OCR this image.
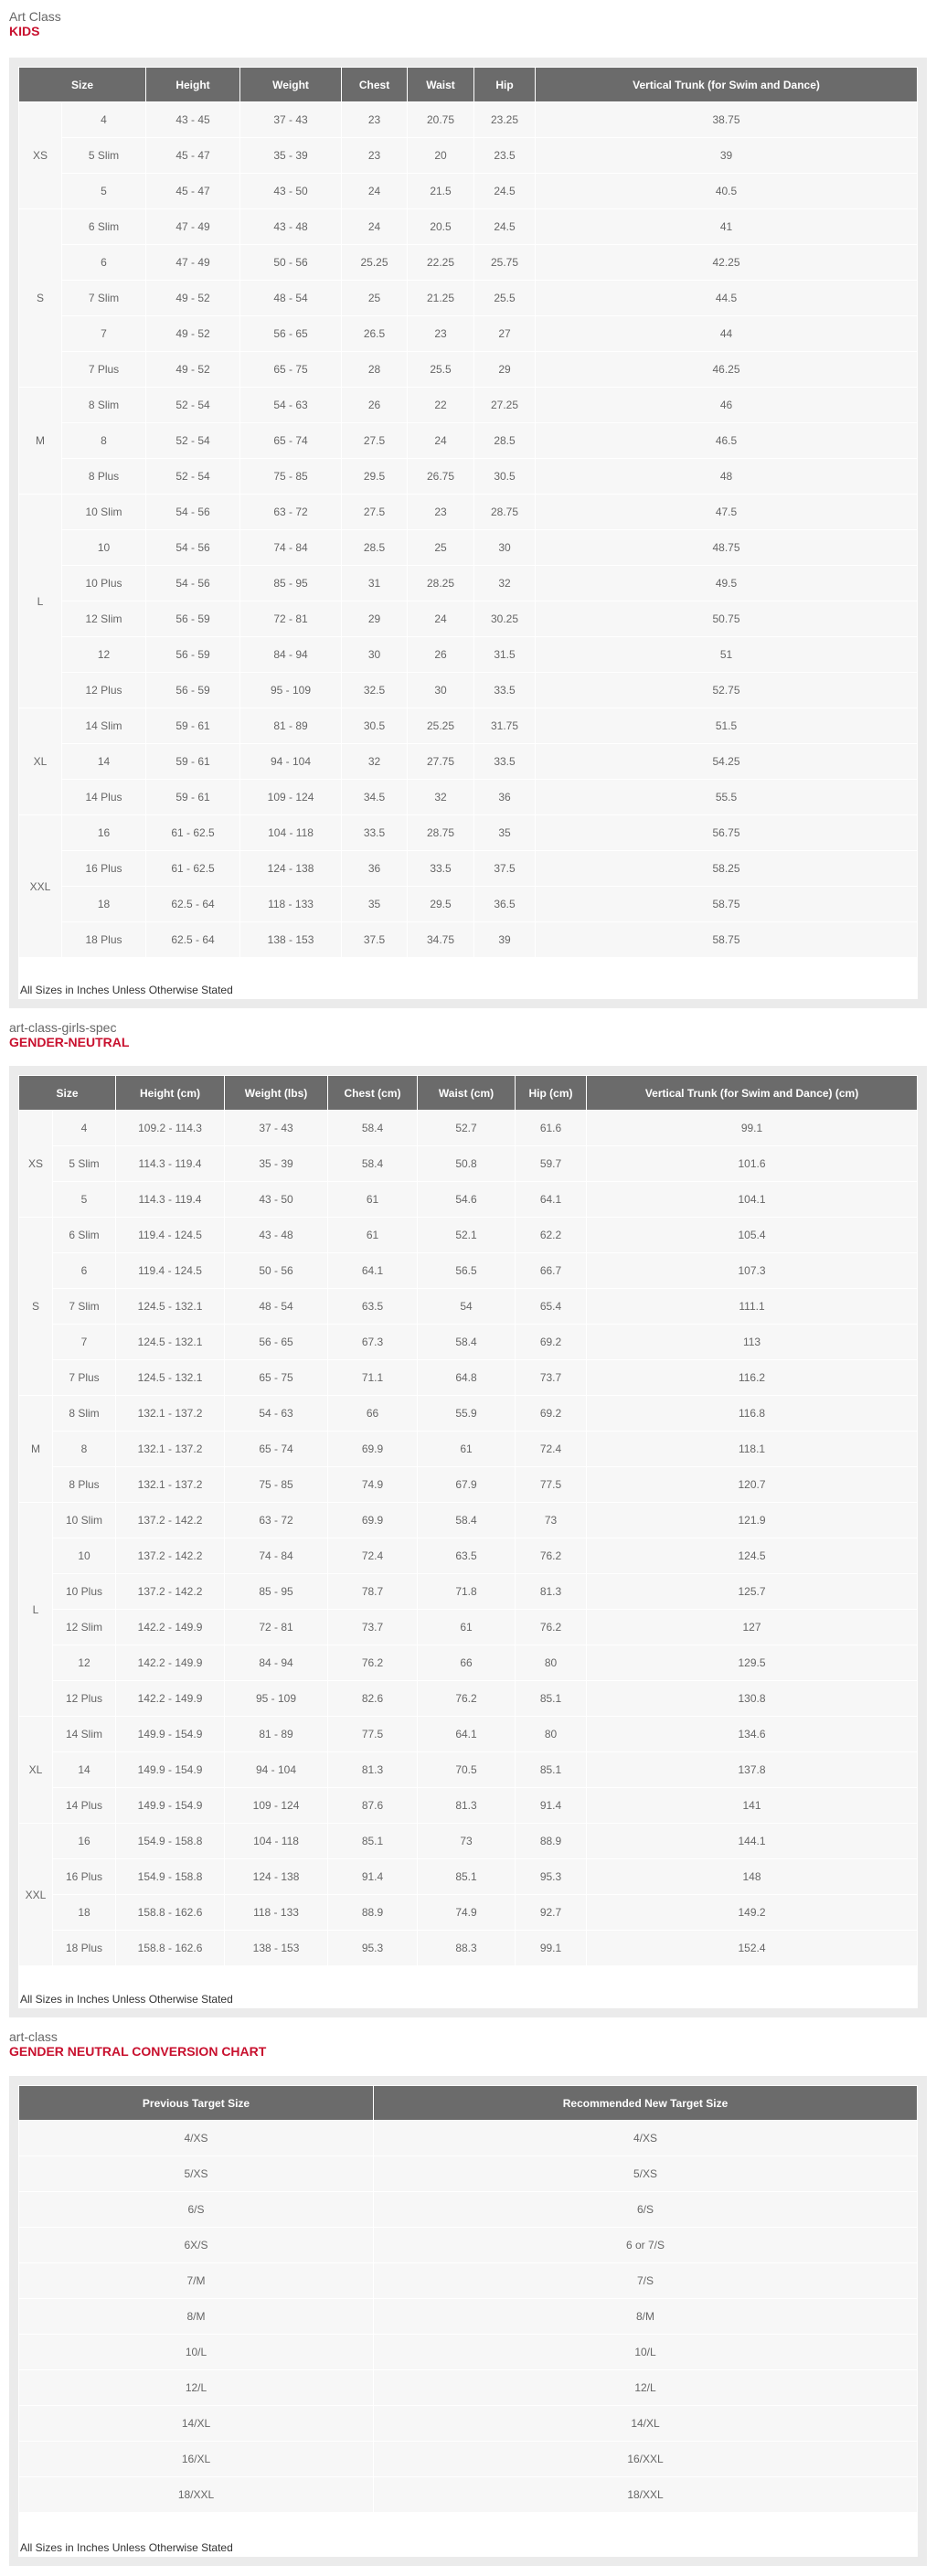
Art Class
KIDS
Size		Height	Weight	Chest	Waist	Hip	Vertical Trunk (for Swim and Dance)
XS	4	43 - 45	37 - 43	23	20.75	23.25	38.75
	5 Slim	45 - 47	35 - 39	23	20	23.5	39
	5	45 - 47	43 - 50	24	21.5	24.5	40.5
S	6 Slim	47 - 49	43 - 48	24	20.5	24.5	41
	6	47 - 49	50 - 56	25.25	22.25	25.75	42.25
	7 Slim	49 - 52	48 - 54	25	21.25	25.5	44.5
	7	49 - 52	56 - 65	26.5	23	27	44
	7 Plus	49 - 52	65 - 75	28	25.5	29	46.25
M	8 Slim	52 - 54	54 - 63	26	22	27.25	46
	8	52 - 54	65 - 74	27.5	24	28.5	46.5
	8 Plus	52 - 54	75 - 85	29.5	26.75	30.5	48
L	10 Slim	54 - 56	63 - 72	27.5	23	28.75	47.5
	10	54 - 56	74 - 84	28.5	25	30	48.75
	10 Plus	54 - 56	85 - 95	31	28.25	32	49.5
	12 Slim	56 - 59	72 - 81	29	24	30.25	50.75
	12	56 - 59	84 - 94	30	26	31.5	51
	12 Plus	56 - 59	95 - 109	32.5	30	33.5	52.75
XL	14 Slim	59 - 61	81 - 89	30.5	25.25	31.75	51.5
	14	59 - 61	94 - 104	32	27.75	33.5	54.25
	14 Plus	59 - 61	109 - 124	34.5	32	36	55.5
XXL	16	61 - 62.5	104 - 118	33.5	28.75	35	56.75
	16 Plus	61 - 62.5	124 - 138	36	33.5	37.5	58.25
	18	62.5 - 64	118 - 133	35	29.5	36.5	58.75
	18 Plus	62.5 - 64	138 - 153	37.5	34.75	39	58.75
All Sizes in Inches Unless Otherwise Stated
art-class-girls-spec
GENDER-NEUTRAL
Size		Height (cm)	Weight (lbs)	Chest (cm)	Waist (cm)	Hip (cm)	Vertical Trunk (for Swim and Dance) (cm)
XS	4	109.2 - 114.3	37 - 43	58.4	52.7	61.6	99.1
	5 Slim	114.3 - 119.4	35 - 39	58.4	50.8	59.7	101.6
	5	114.3 - 119.4	43 - 50	61	54.6	64.1	104.1
S	6 Slim	119.4 - 124.5	43 - 48	61	52.1	62.2	105.4
	6	119.4 - 124.5	50 - 56	64.1	56.5	66.7	107.3
	7 Slim	124.5 - 132.1	48 - 54	63.5	54	65.4	111.1
	7	124.5 - 132.1	56 - 65	67.3	58.4	69.2	113
	7 Plus	124.5 - 132.1	65 - 75	71.1	64.8	73.7	116.2
M	8 Slim	132.1 - 137.2	54 - 63	66	55.9	69.2	116.8
	8	132.1 - 137.2	65 - 74	69.9	61	72.4	118.1
	8 Plus	132.1 - 137.2	75 - 85	74.9	67.9	77.5	120.7
L	10 Slim	137.2 - 142.2	63 - 72	69.9	58.4	73	121.9
	10	137.2 - 142.2	74 - 84	72.4	63.5	76.2	124.5
	10 Plus	137.2 - 142.2	85 - 95	78.7	71.8	81.3	125.7
	12 Slim	142.2 - 149.9	72 - 81	73.7	61	76.2	127
	12	142.2 - 149.9	84 - 94	76.2	66	80	129.5
	12 Plus	142.2 - 149.9	95 - 109	82.6	76.2	85.1	130.8
XL	14 Slim	149.9 - 154.9	81 - 89	77.5	64.1	80	134.6
	14	149.9 - 154.9	94 - 104	81.3	70.5	85.1	137.8
	14 Plus	149.9 - 154.9	109 - 124	87.6	81.3	91.4	141
XXL	16	154.9 - 158.8	104 - 118	85.1	73	88.9	144.1
	16 Plus	154.9 - 158.8	124 - 138	91.4	85.1	95.3	148
	18	158.8 - 162.6	118 - 133	88.9	74.9	92.7	149.2
	18 Plus	158.8 - 162.6	138 - 153	95.3	88.3	99.1	152.4
All Sizes in Inches Unless Otherwise Stated
art-class
GENDER NEUTRAL CONVERSION CHART
Previous Target Size	Recommended New Target Size
4/XS	4/XS
5/XS	5/XS
6/S	6/S
6X/S	6 or 7/S
7/M	7/S
8/M	8/M
10/L	10/L
12/L	12/L
14/XL	14/XL
16/XL	16/XXL
18/XXL	18/XXL
All Sizes in Inches Unless Otherwise Stated
